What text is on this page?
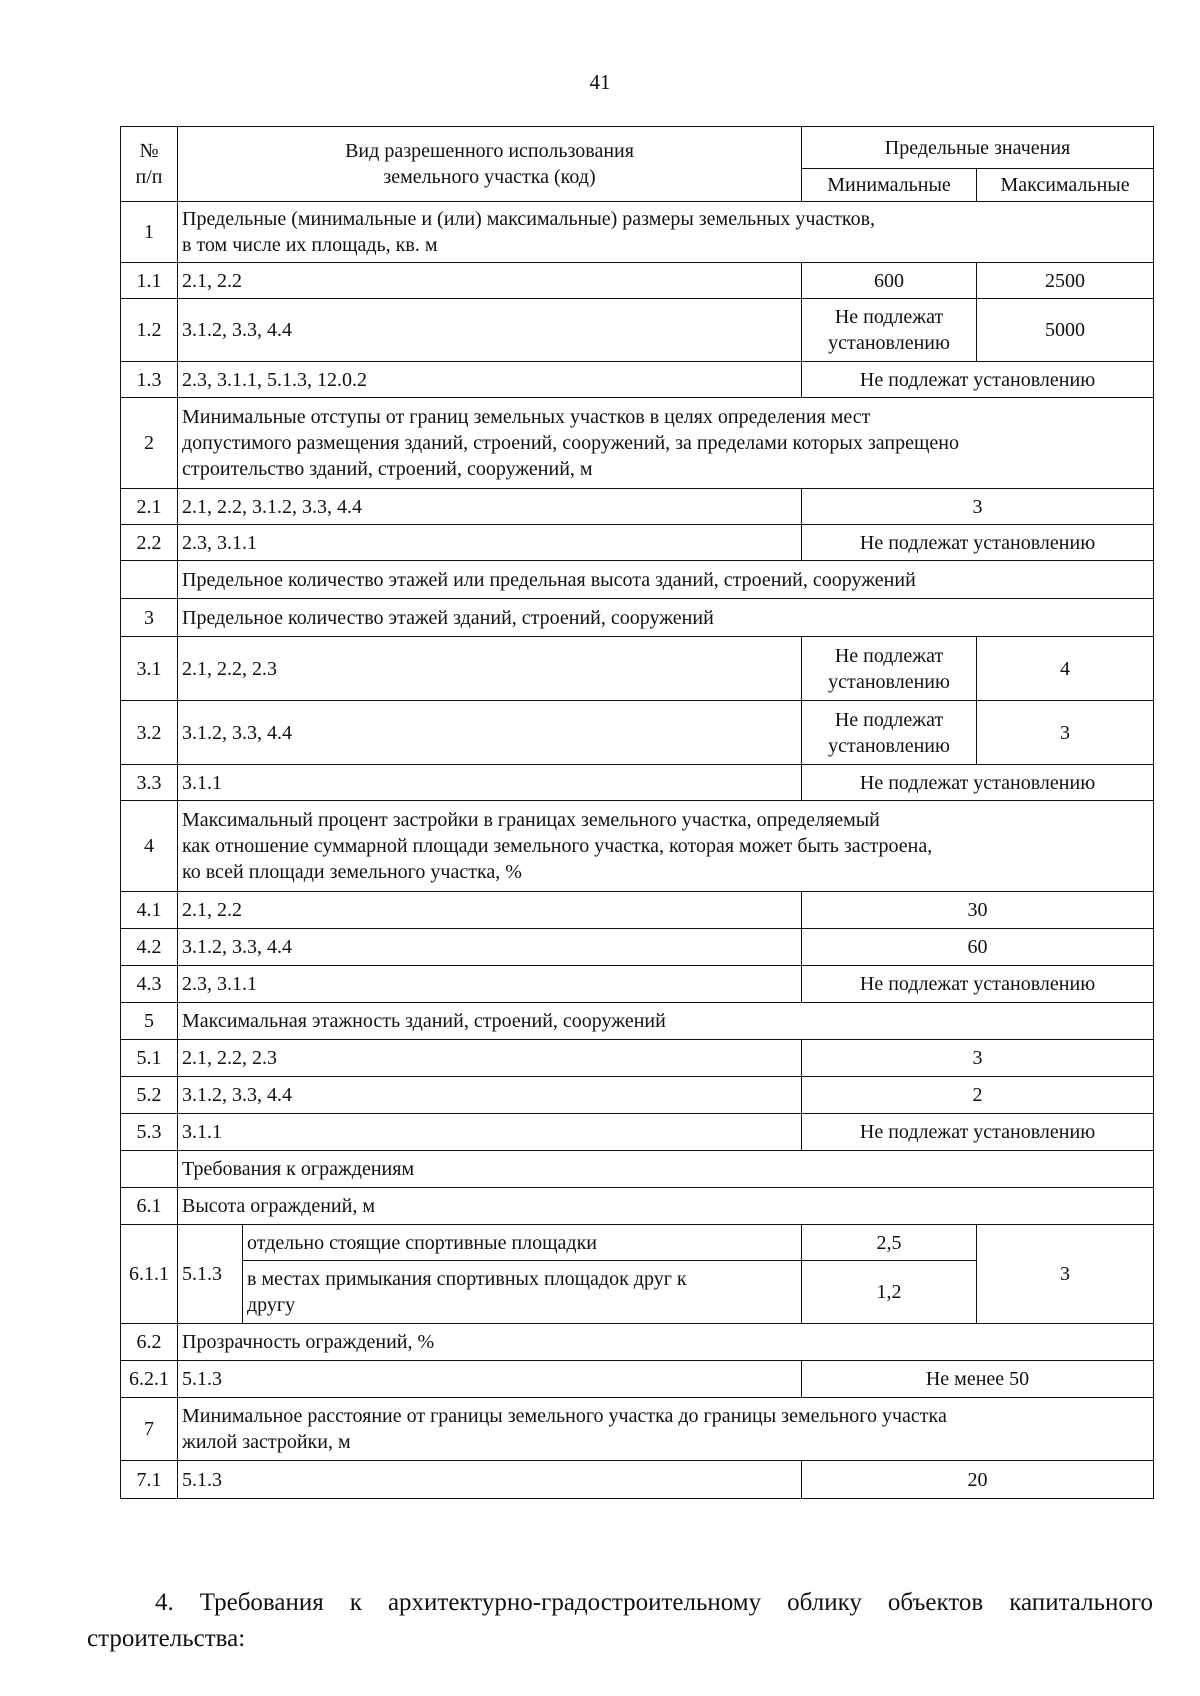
41
№
п/п	Вид разрешенного использования
земельного участка (код)		Предельные значения	
			Минимальные	Максимальные
1	Предельные (минимальные и (или) максимальные) размеры земельных участков,
в том числе их площадь, кв. м			
1.1	2.1, 2.2		600	2500
1.2	3.1.2, 3.3, 4.4		Не подлежат
установлению	5000
1.3	2.3, 3.1.1, 5.1.3, 12.0.2		Не подлежат установлению	
2	Минимальные отступы от границ земельных участков в целях определения мест
допустимого размещения зданий, строений, сооружений, за пределами которых запрещено
строительство зданий, строений, сооружений, м			
2.1	2.1, 2.2, 3.1.2, 3.3, 4.4		3	
2.2	2.3, 3.1.1		Не подлежат установлению	
	Предельное количество этажей или предельная высота зданий, строений, сооружений			
3	Предельное количество этажей зданий, строений, сооружений			
3.1	2.1, 2.2, 2.3		Не подлежат
установлению	4
3.2	3.1.2, 3.3, 4.4		Не подлежат
установлению	3
3.3	3.1.1		Не подлежат установлению	
4	Максимальный процент застройки в границах земельного участка, определяемый
как отношение суммарной площади земельного участка, которая может быть застроена,
ко всей площади земельного участка, %			
4.1	2.1, 2.2		30	
4.2	3.1.2, 3.3, 4.4		60	
4.3	2.3, 3.1.1		Не подлежат установлению	
5	Максимальная этажность зданий, строений, сооружений			
5.1	2.1, 2.2, 2.3		3	
5.2	3.1.2, 3.3, 4.4		2	
5.3	3.1.1		Не подлежат установлению	
	Требования к ограждениям			
6.1	Высота ограждений, м			
6.1.1	5.1.3	отдельно стоящие спортивные площадки	2,5	3
		в местах примыкания спортивных площадок друг к
другу	1,2	
6.2	Прозрачность ограждений, %			
6.2.1	5.1.3		Не менее 50	
7	Минимальное расстояние от границы земельного участка до границы земельного участка
жилой застройки, м			
7.1	5.1.3		20	

4. Требования к архитектурно-градостроительному облику объектов капитального строительства:
